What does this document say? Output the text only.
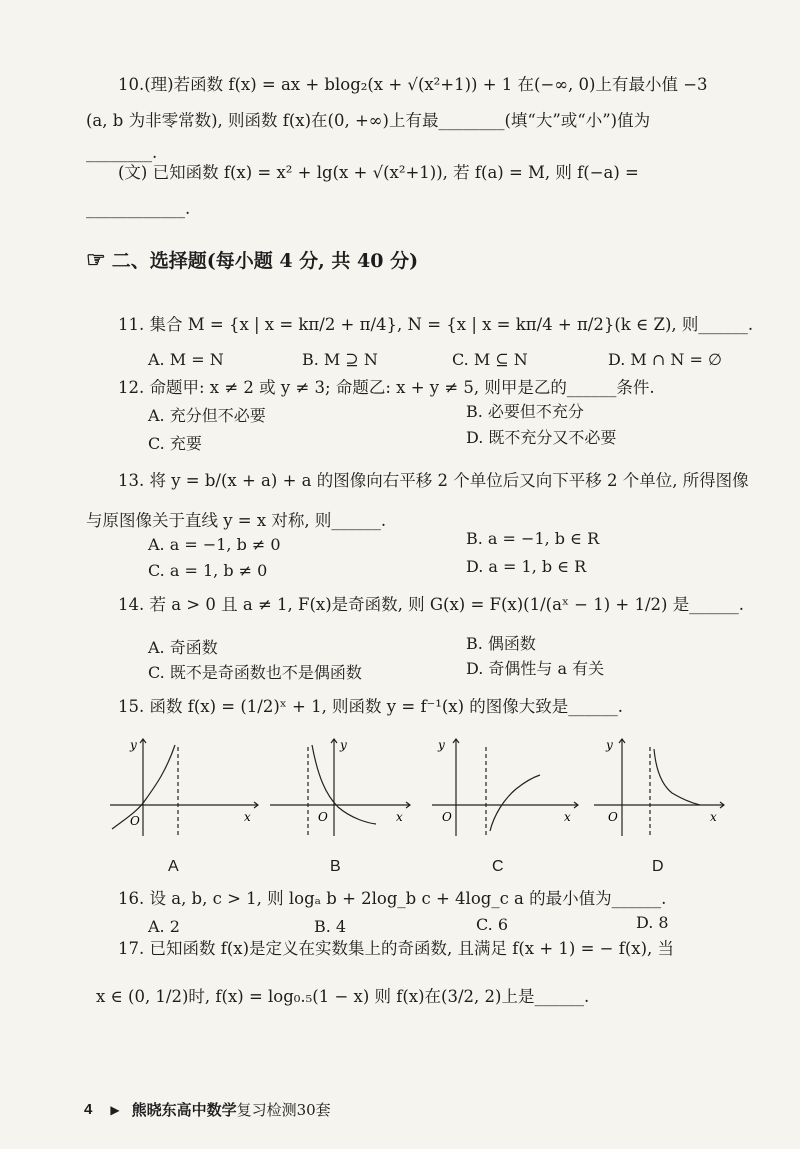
10.(理)若函数 f(x) = ax + blog₂(x + √(x²+1)) + 1 在(−∞, 0)上有最小值 −3
(a, b 为非零常数), 则函数 f(x)在(0, +∞)上有最________(填“大”或“小”)值为
________.
(文) 已知函数 f(x) = x² + lg(x + √(x²+1)), 若 f(a) = M, 则 f(−a) =
____________.
☞ 二、选择题(每小题 4 分, 共 40 分)
11. 集合 M = {x | x = kπ/2 + π/4}, N = {x | x = kπ/4 + π/2}(k ∈ Z), 则______.
A. M = N	B. M ⊇ N	C. M ⊆ N	D. M ∩ N = ∅
12. 命题甲: x ≠ 2 或 y ≠ 3; 命题乙: x + y ≠ 5, 则甲是乙的______条件.
A. 充分但不必要	B. 必要但不充分
C. 充要	D. 既不充分又不必要
13. 将 y = b/(x + a) + a 的图像向右平移 2 个单位后又向下平移 2 个单位, 所得图像
与原图像关于直线 y = x 对称, 则______.
A. a = −1, b ≠ 0	B. a = −1, b ∈ R
C. a = 1, b ≠ 0	D. a = 1, b ∈ R
14. 若 a > 0 且 a ≠ 1, F(x)是奇函数, 则 G(x) = F(x)(1/(aˣ − 1) + 1/2) 是______.
A. 奇函数	B. 偶函数
C. 既不是奇函数也不是偶函数	D. 奇偶性与 a 有关
15. 函数 f(x) = (1/2)ˣ + 1, 则函数 y = f⁻¹(x) 的图像大致是______.
y
x
O
A
y
x
O
B
y
x
O
C
y
x
O
D
16. 设 a, b, c > 1, 则 logₐ b + 2log_b c + 4log_c a 的最小值为______.
A. 2	B. 4	C. 6	D. 8
17. 已知函数 f(x)是定义在实数集上的奇函数, 且满足 f(x + 1) = − f(x), 当
x ∈ (0, 1/2)时, f(x) = log₀.₅(1 − x) 则 f(x)在(3/2, 2)上是______.
4 ▶ 熊晓东高中数学 复习检测30套
